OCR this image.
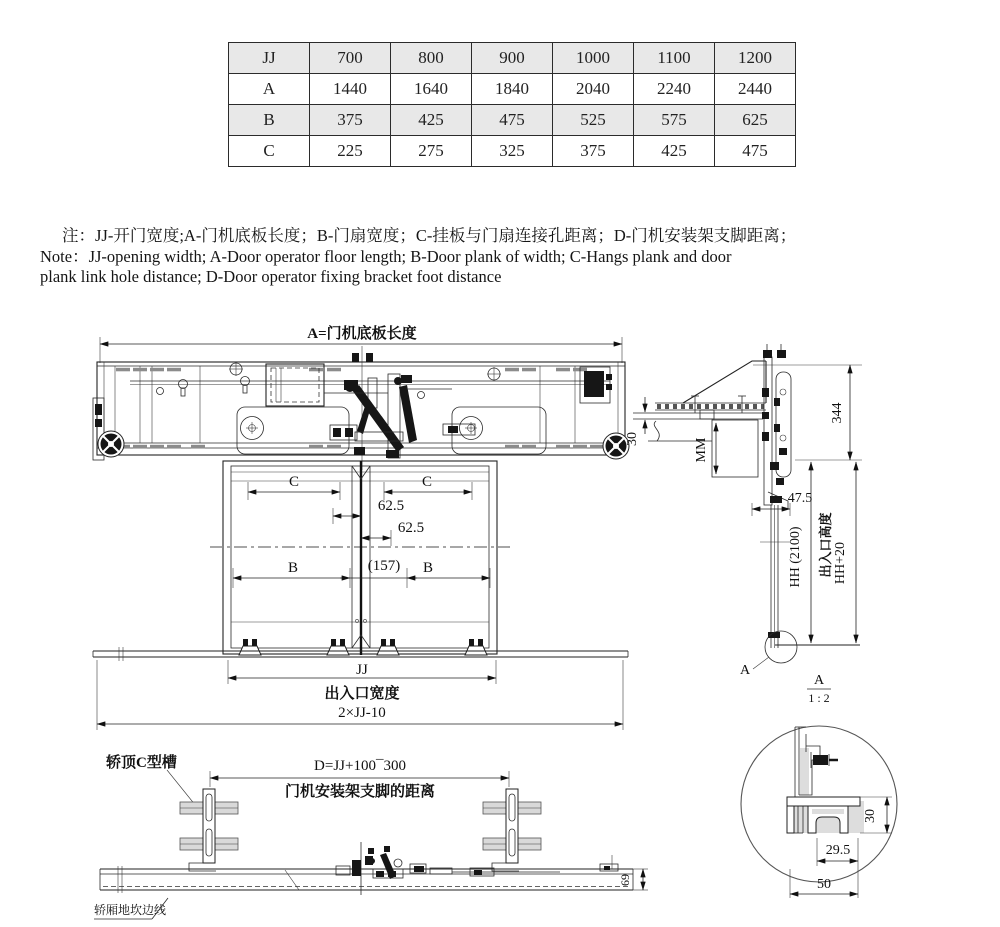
JJ	700	800	900	1000	1100	1200
A	1440	1640	1840	2040	2240	2440
B	375	425	475	525	575	625
C	225	275	325	375	425	475
注：JJ-开门宽度;A-门机底板长度；B-门扇宽度；C-挂板与门扇连接孔距离；D-门机安装架支脚距离；
Note：JJ-opening width; A-Door operator floor length; B-Door plank of width; C-Hangs plank and door
plank link hole distance; D-Door operator fixing bracket foot distance
A=门机底板长度
C	C
62.5
62.5
B	(157) B
JJ
出入口宽度
2×JJ-10
30	MM
344
47.5
HH (2100) 出入口高度 HH+20
A
A
1 : 2
轿顶C型槽	D=JJ+100¯300
门机安装架支脚的距离
69
轿厢地坎边线
30
29.5
50
